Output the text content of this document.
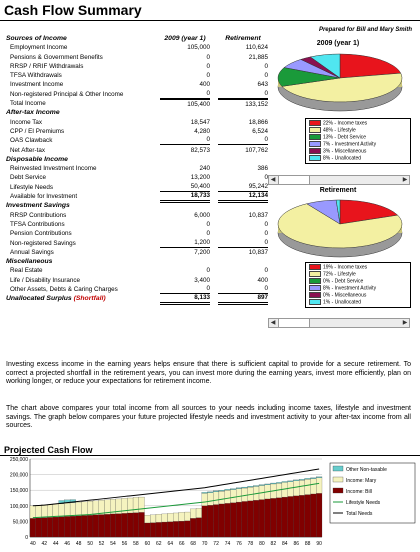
Cash Flow Summary
Prepared for Bill and Mary Smith
Sources of Income	2009 (year 1)	Retirement
Employment Income	105,000	110,624
Pensions & Government Benefits	0	21,885
RRSP / RRIF Withdrawals	0	0
TFSA Withdrawals	0	0
Investment Income	400	643
Non-registered Principal & Other Income	0	0
Total Income	105,400	133,152
After-tax Income
Income Tax	18,547	18,866
CPP / EI Premiums	4,280	6,524
OAS Clawback	0	0
Net After-tax	82,573	107,762
Disposable Income
Reinvested Investment Income	240	386
Debt Service	13,200	0
Lifestyle Needs	50,400	95,242
Available for Investment	18,733	12,134
Investment Savings
RRSP Contributions	6,000	10,837
TFSA Contributions	0	0
Pension Contributions	0	0
Non-registered Savings	1,200	0
Annual Savings	7,200	10,837
Miscellaneous
Real Estate	0	0
Life / Disability Insurance	3,400	400
Other Assets, Debts & Caring Charges	0	0
Unallocated Surplus (Shortfall)	8,133	897
2009 (year 1)
22% - Income taxes
48% - Lifestyle
13% - Debt Service
7% - Investment Activity
3% - Miscellaneous
8% - Unallocated
◀	▶
Retirement
19% - Income taxes
72% - Lifestyle
0% - Debt Service
8% - Investment Activity
0% - Miscellaneous
1% - Unallocated
◀	▶
Investing excess income in the earning years helps ensure that there is sufficient capital to provide for a secure retirement. To correct a projected shortfall in the retirement years, you can invest more during the earning years, invest more efficiently, plan on working longer, or reduce your expectations for retirement income.
The chart above compares your total income from all sources to your needs including income taxes, lifestyle and investment savings. The graph below compares your future projected lifestyle needs and investment activity to your after-tax income from all sources.
Projected Cash Flow
0
50,000
100,000
150,000
200,000
250,000
40 42 44 46 48 50 52 54 56 58 60 62 64 66 68 70 72 74 76 78 80 82 84 86 88 90
Other Non-taxable
Income: Mary
Income: Bill
Lifestyle Needs
Total Needs
